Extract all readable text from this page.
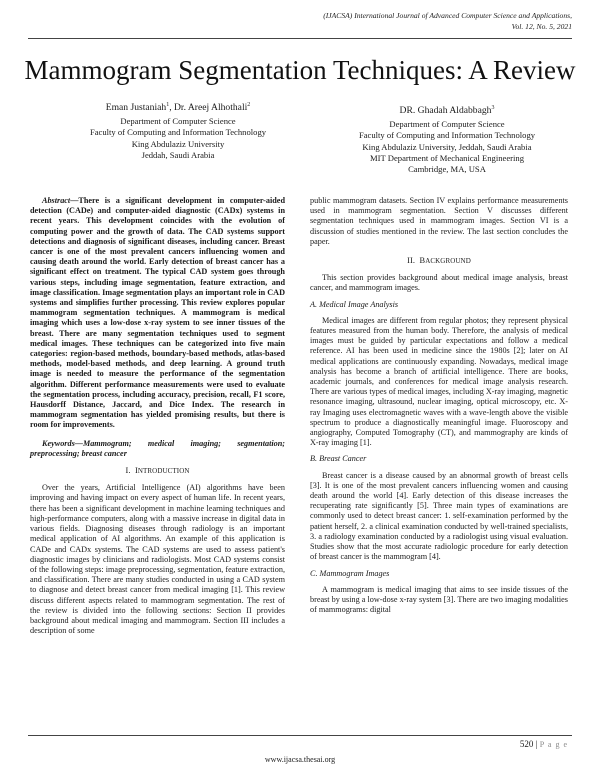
(IJACSA) International Journal of Advanced Computer Science and Applications,
Vol. 12, No. 5, 2021
Mammogram Segmentation Techniques: A Review
Eman Justaniah$^1$, Dr. Areej Alhothali$^2$
Department of Computer Science
Faculty of Computing and Information Technology
King Abdulaziz University
Jeddah, Saudi Arabia
DR. Ghadah Aldabbagh$^3$
Department of Computer Science
Faculty of Computing and Information Technology
King Abdulaziz University, Jeddah, Saudi Arabia
MIT Department of Mechanical Engineering
Cambridge, MA, USA

Abstract—There is a significant development in computer-aided detection (CADe) and computer-aided diagnostic (CADx) systems in recent years. This development coincides with the evolution of computing power and the growth of data. The CAD systems support detections and diagnosis of significant diseases, including cancer. Breast cancer is one of the most prevalent cancers influencing women and causing death around the world. Early detection of breast cancer has a significant effect on treatment. The typical CAD system goes through various steps, including image segmentation, feature extraction, and image classification. Image segmentation plays an important role in CAD systems and simplifies further processing. This review explores popular mammogram segmentation techniques. A mammogram is medical imaging which uses a low-dose x-ray system to see inner tissues of the breast. There are many segmentation techniques used to segment medical images. These techniques can be categorized into five main categories: region-based methods, boundary-based methods, atlas-based methods, model-based methods, and deep learning. A ground truth image is needed to measure the performance of the segmentation algorithm. Different performance measurements were used to evaluate the segmentation process, including accuracy, precision, recall, F1 score, Hausdorff Distance, Jaccard, and Dice Index. The research in mammogram segmentation has yielded promising results, but there is room for improvements.

Keywords—Mammogram; medical imaging; segmentation; preprocessing; breast cancer

I. INTRODUCTION

Over the years, Artificial Intelligence (AI) algorithms have been improving and having impact on every aspect of human life. In recent years, there has been a significant development in machine learning techniques and high-performance computers, along with a massive increase in digital data in various fields. Diagnosing diseases through radiology is an important medical application of AI algorithms. An example of this application is CADe and CADx systems. The CAD systems are used to assess patient's diagnostic images by clinicians and radiologists. Most CAD systems consist of the following steps: image preprocessing, segmentation, feature extraction, and classification. There are many studies conducted in using a CAD system to diagnose and detect breast cancer from medical imaging [1]. This review discuss different aspects related to mammogram segmentation. The rest of the review is divided into the following sections: Section II provides background about medical imaging and mammogram. Section III includes a description of some

public mammogram datasets. Section IV explains performance measurements used in mammogram segmentation. Section V discusses different segmentation techniques used in mammogram images. Section VI is a discussion of studies mentioned in the review. The last section concludes the paper.

II. BACKGROUND

This section provides background about medical image analysis, breast cancer, and mammogram images.

A. Medical Image Analysis

Medical images are different from regular photos; they represent physical features measured from the human body. Therefore, the analysis of medical images must be guided by particular expectations and follow a medical reference. AI has been used in medicine since the 1980s [2]; later on AI medical applications are continuously expanding. Nowadays, medical image analysis has become a branch of artificial intelligence. There are books, academic journals, and conferences for medical image analysis research. There are various types of medical images, including X-ray imaging, magnetic resonance imaging, ultrasound, nuclear imaging, optical microscopy, etc. X-ray Imaging uses electromagnetic waves with a wave-length above the visible spectrum to produce a diagnostically meaningful image. Fluoroscopy and angiography, Computed Tomography (CT), and mammography are kinds of X-ray imaging [1].

B. Breast Cancer

Breast cancer is a disease caused by an abnormal growth of breast cells [3]. It is one of the most prevalent cancers influencing women and causing death around the world [4]. Early detection of this disease increases the recuperating rate significantly [5]. Three main types of examinations are commonly used to detect breast cancer: 1. self-examination performed by the patient herself, 2. a clinical examination conducted by well-trained specialists, 3. a radiology examination conducted by a radiologist using visual evaluation. Studies show that the most accurate radiologic procedure for early detection of breast cancer is the mammogram [4].

C. Mammogram Images

A mammogram is medical imaging that aims to see inside tissues of the breast by using a low-dose x-ray system [3]. There are two imaging modalities of mammograms: digital

520 | P a g e
www.ijacsa.thesai.org
